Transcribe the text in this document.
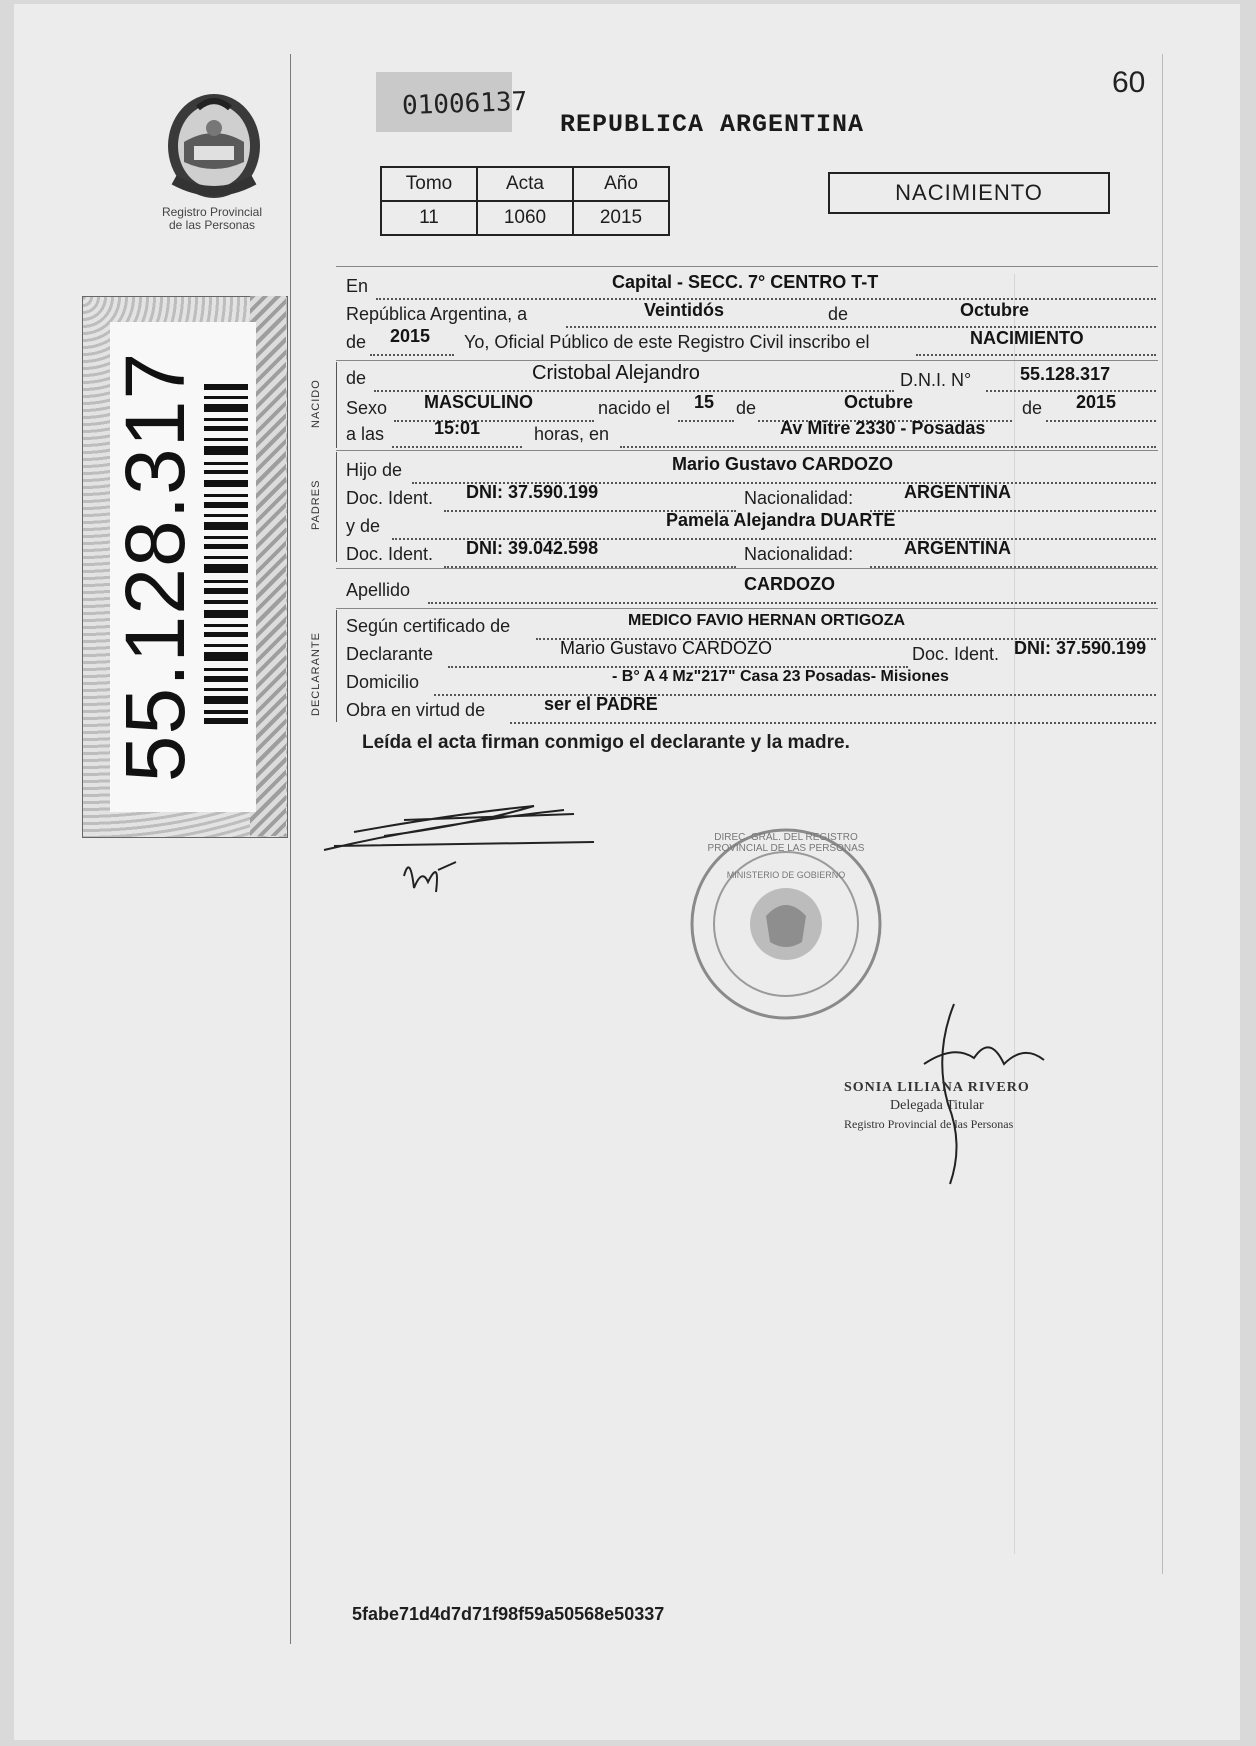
Registro Provincial
de las Personas
55.128.317
01006137
REPUBLICA ARGENTINA
60
Tomo	Acta	Año
11	1060	2015
NACIMIENTO
En	Capital - SECC. 7° CENTRO T-T
República Argentina, a	Veintidós	de	Octubre
de 2015 Yo, Oficial Público de este Registro Civil inscribo el	NACIMIENTO
NACIDO
de	Cristobal Alejandro	D.N.I. N°	55.128.317
Sexo MASCULINO	nacido el 15 de	Octubre	de 2015
a las	15:01	horas, en	Av Mitre 2330 - Posadas
PADRES
Hijo de	Mario Gustavo CARDOZO
Doc. Ident. DNI: 37.590.199	Nacionalidad:	ARGENTINA
y de	Pamela Alejandra DUARTE
Doc. Ident. DNI: 39.042.598	Nacionalidad:	ARGENTINA
Apellido	CARDOZO
DECLARANTE
Según certificado de	MEDICO FAVIO HERNAN ORTIGOZA
Declarante	Mario Gustavo CARDOZO	Doc. Ident. DNI: 37.590.199
Domicilio	- B° A 4 Mz"217" Casa 23 Posadas- Misiones
Obra en virtud de	ser el PADRE
Leída el acta firman conmigo el declarante y la madre.
DIREC. GRAL. DEL REGISTRO PROVINCIAL DE LAS PERSONAS
MINISTERIO DE GOBIERNO
SONIA LILIANA RIVERO
Delegada Titular
Registro Provincial de las Personas
5fabe71d4d7d71f98f59a50568e50337
